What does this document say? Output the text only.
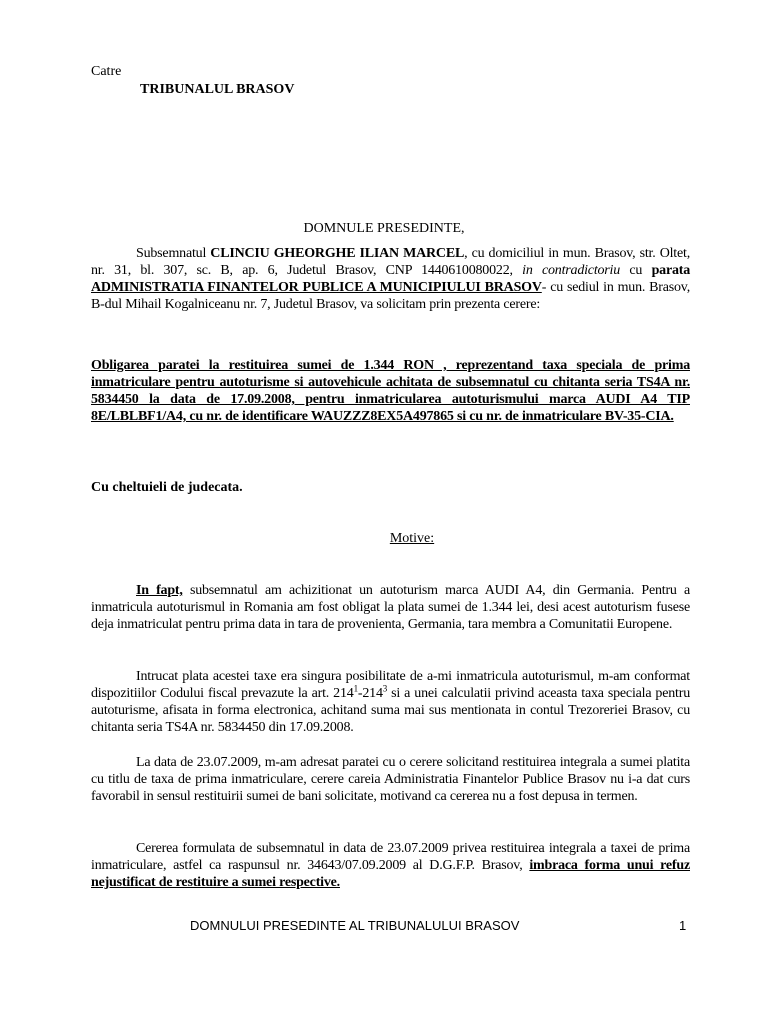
Catre
TRIBUNALUL BRASOV
DOMNULE PRESEDINTE,
Subsemnatul CLINCIU GHEORGHE ILIAN MARCEL, cu domiciliul in mun. Brasov, str. Oltet, nr. 31, bl. 307, sc. B, ap. 6, Judetul Brasov, CNP 1440610080022, in contradictoriu cu parata ADMINISTRATIA FINANTELOR PUBLICE A MUNICIPIULUI BRASOV- cu sediul in mun. Brasov, B-dul Mihail Kogalniceanu nr. 7, Judetul Brasov, va solicitam prin prezenta cerere:
Obligarea paratei la restituirea sumei de 1.344 RON , reprezentand taxa speciala de prima inmatriculare pentru autoturisme si autovehicule achitata de subsemnatul cu chitanta seria TS4A nr. 5834450 la data de 17.09.2008, pentru inmatricularea autoturismului marca AUDI A4 TIP 8E/LBLBF1/A4, cu nr. de identificare WAUZZZ8EX5A497865 si cu nr. de inmatriculare BV-35-CIA.
Cu cheltuieli de judecata.
Motive:
In fapt, subsemnatul am achizitionat un autoturism marca AUDI A4, din Germania. Pentru a inmatricula autoturismul in Romania am fost obligat la plata sumei de 1.344 lei, desi acest autoturism fusese deja inmatriculat pentru prima data in tara de provenienta, Germania, tara membra a Comunitatii Europene.
Intrucat plata acestei taxe era singura posibilitate de a-mi inmatricula autoturismul, m-am conformat dispozitiilor Codului fiscal prevazute la art. $214^1-214^3$ si a unei calculatii privind aceasta taxa speciala pentru autoturisme, afisata in forma electronica, achitand suma mai sus mentionata in contul Trezoreriei Brasov, cu chitanta seria TS4A nr. 5834450 din 17.09.2008.
La data de 23.07.2009, m-am adresat paratei cu o cerere solicitand restituirea integrala a sumei platita cu titlu de taxa de prima inmatriculare, cerere careia Administratia Finantelor Publice Brasov nu i-a dat curs favorabil in sensul restituirii sumei de bani solicitate, motivand ca cererea nu a fost depusa in termen.
Cererea formulata de subsemnatul in data de 23.07.2009 privea restituirea integrala a taxei de prima inmatriculare, astfel ca raspunsul nr. 34643/07.09.2009 al D.G.F.P. Brasov, imbraca forma unui refuz nejustificat de restituire a sumei respective.
DOMNULUI PRESEDINTE AL TRIBUNALULUI BRASOV	1
